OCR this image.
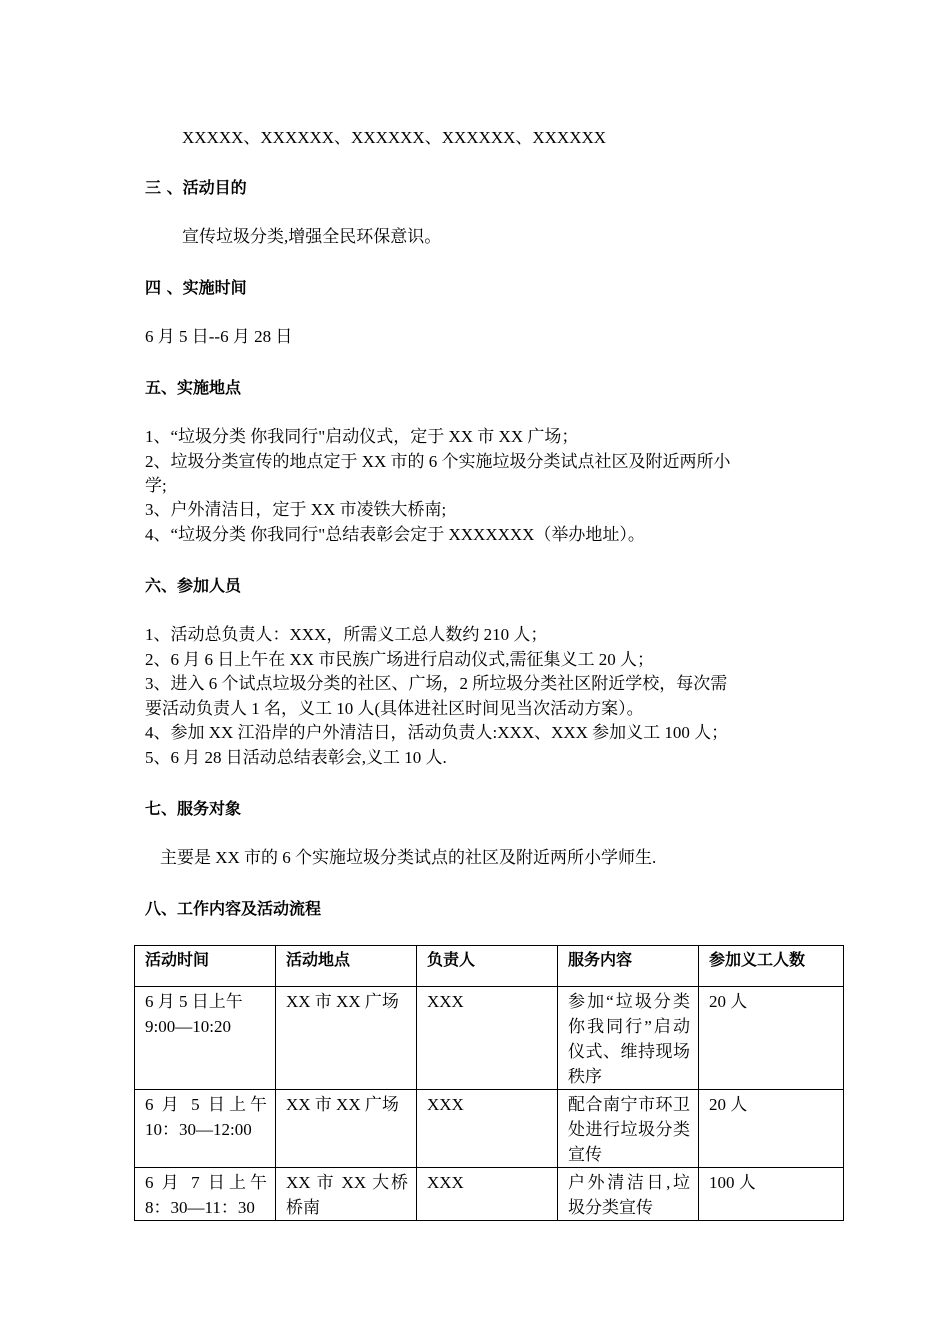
XXXXX、XXXXXX、XXXXXX、XXXXXX、XXXXXX
三 、活动目的
宣传垃圾分类,增强全民环保意识。
四 、实施时间
6 月 5 日--6 月 28 日
五、实施地点
1、“垃圾分类 你我同行"启动仪式，定于 XX 市 XX 广场；
2、垃圾分类宣传的地点定于 XX 市的 6 个实施垃圾分类试点社区及附近两所小
学;
3、户外清洁日，定于 XX 市凌铁大桥南;
4、“垃圾分类 你我同行"总结表彰会定于 XXXXXXX（举办地址）。
六、参加人员
1、活动总负责人：XXX，所需义工总人数约 210 人；
2、6 月 6 日上午在 XX 市民族广场进行启动仪式,需征集义工 20 人；
3、进入 6 个试点垃圾分类的社区、广场，2 所垃圾分类社区附近学校，每次需
要活动负责人 1 名，义工 10 人(具体进社区时间见当次活动方案）。
4、参加 XX 江沿岸的户外清洁日，活动负责人:XXX、XXX 参加义工 100 人；
5、6 月 28 日活动总结表彰会,义工 10 人.
七、服务对象
主要是 XX 市的 6 个实施垃圾分类试点的社区及附近两所小学师生.
八、工作内容及活动流程
活动时间	活动地点	负责人	服务内容	参加义工人数
6 月 5 日上午 9:00—10:20	XX 市 XX 广场	XXX	参加“垃圾分类 你我同行”启动仪式、维持现场秩序	20 人
6 月 5 日上午 10：30—12:00	XX 市 XX 广场	XXX	配合南宁市环卫处进行垃圾分类宣传	20 人
6 月 7 日上午 8：30—11：30	XX 市 XX 大桥桥南	XXX	户外清洁日,垃圾分类宣传	100 人
